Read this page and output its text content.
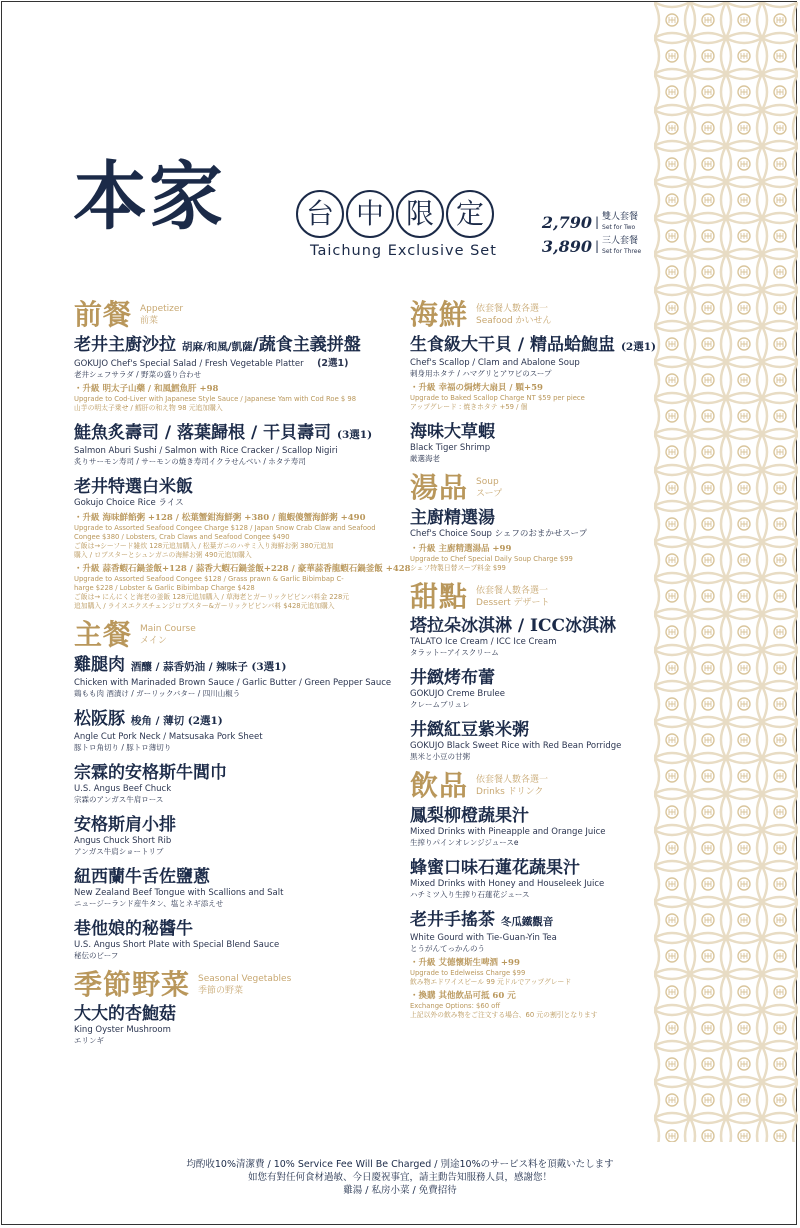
本家	台 中 限 定
Taichung Exclusive Set
2,790 | 雙人套餐
Set for Two
3,890 | 三人套餐
Set for Three
前餐 Appetizer
前菜
老井主廚沙拉 胡麻/和風/凱薩/蔬食主義拼盤
GOKUJO Chef's Special Salad / Fresh Vegetable Platter (2選1)
老井シェフサラダ / 野菜の盛り合わせ
・升級 明太子山藥 / 和風鱈魚肝 +98
Upgrade to Cod-Liver with Japanese Style Sauce / Japanese Yam with Cod Roe $ 98
山芋の明太子乗せ / 鱈肝の和え物 98 元追加購入
鮭魚炙壽司 / 落葉歸根 / 干貝壽司 (3選1)
Salmon Aburi Sushi / Salmon with Rice Cracker / Scallop Nigiri
炙りサーモン寿司 / サーモンの焼き寿司イクラせんべい / ホタテ寿司
老井特選白米飯
Gokujo Choice Rice ライス
・升級 海味鮮餡粥 +128 / 松葉蟹鉗海鮮粥 +380 / 龍蝦傻蟹海鮮粥 +490
Upgrade to Assorted Seafood Congee Charge $128 / Japan Snow Crab Claw and Seafood
Congee $380 / Lobsters, Crab Claws and Seafood Congee $490
ご飯は→シーフード雑炊 128元追加購入 / 松葉ガニのハサミ入り海鮮お粥 380元追加
購入 / ロブスターとシュンガニの海鮮お粥 490元追加購入
・升級 蒜香蝦石鍋釜飯+128 / 蒜香大蝦石鍋釜飯+228 / 豪華蒜香龍蝦石鍋釜飯 +428
Upgrade to Assorted Seafood Congee $128 / Grass prawn & Garlic Bibimbap C-
harge $228 / Lobster & Garlic Bibimbap Charge $428
ご飯は→ にんにくと海老の釜飯 128元追加購入 / 草海老とガーリックビビンバ料金 228元
追加購入 / ライスエクスチェンジロブスター&ガーリックビビンバ料 $428元追加購入
主餐 Main Course
メイン
雞腿肉 酒釀 / 蒜香奶油 / 辣味子 (3選1)
Chicken with Marinaded Brown Sauce / Garlic Butter / Green Pepper Sauce
鶏もも肉 酒漬け / ガーリックバター / 四川山椒う
松阪豚 梭角 / 薄切 (2選1)
Angle Cut Pork Neck / Matsusaka Pork Sheet
豚トロ角切り / 豚トロ薄切り
宗霖的安格斯牛閭巾
U.S. Angus Beef Chuck
宗霖のアンガス牛肩ロース
安格斯肩小排
Angus Chuck Short Rib
アンガス牛肩ショートリブ
紐西蘭牛舌佐鹽蔥
New Zealand Beef Tongue with Scallions and Salt
ニュージーランド産牛タン、塩とネギ添えせ
巷他娘的秘醬牛
U.S. Angus Short Plate with Special Blend Sauce
秘伝のビーフ
季節野菜 Seasonal Vegetables
季節の野菜
大大的杏鮑菇
King Oyster Mushroom
エリンギ
海鮮 依套餐人數各選一
Seafood かいせん
生食級大干貝 / 精品蛤鮑盅 (2選1)
Chef's Scallop / Clam and Abalone Soup
刺身用ホタテ / ハマグリとアワビのスープ
・升級 幸福の焗烤大扇貝 / 顆+59
Upgrade to Baked Scallop Charge NT $59 per piece
アップグレード : 焼きホタテ +59 / 個
海味大草蝦
Black Tiger Shrimp
厳選海老
湯品 Soup
スープ
主廚精選湯
Chef's Choice Soup シェフのおまかせスープ
・升級 主廚精選湯品 +99
Upgrade to Chef Special Daily Soup Charge $99
シェフ特製日替スープ料金 $99
甜點 依套餐人數各選一
Dessert デザート
塔拉朵冰淇淋 / ICC冰淇淋
TALATO Ice Cream / ICC Ice Cream
タラットーアイスクリーム
井緻烤布蕾
GOKUJO Creme Brulee
クレームブリュレ
井緻紅豆紫米粥
GOKUJO Black Sweet Rice with Red Bean Porridge
黒米と小豆の甘粥
飲品 依套餐人數各選一
Drinks ドリンク
鳳梨柳橙蔬果汁
Mixed Drinks with Pineapple and Orange Juice
生搾りパインオレンジジュースe
蜂蜜口味石蓮花蔬果汁
Mixed Drinks with Honey and Houseleek Juice
ハチミツ入り生搾り石蓮花ジュース
老井手搖茶 冬瓜鐵觀音
White Gourd with Tie-Guan-Yin Tea
とうがんてっかんのう
・升級 艾德懷斯生啤酒 +99
Upgrade to Edelweiss Charge $99
飲み物エドワイスビール 99 元ドルでアップグレード
・換購 其他飲品可抵 60 元
Exchange Options: $60 off
上記以外の飲み物をご注文する場合、60 元の割引となります
均酌收10%清潔費 / 10% Service Fee Will Be Charged / 別途10%のサービス料を頂戴いたします
如您有對任何食材過敏、今日慶祝事宜，請主動告知服務人員，感謝您！
雞湯 / 私房小菜 / 免費招待
